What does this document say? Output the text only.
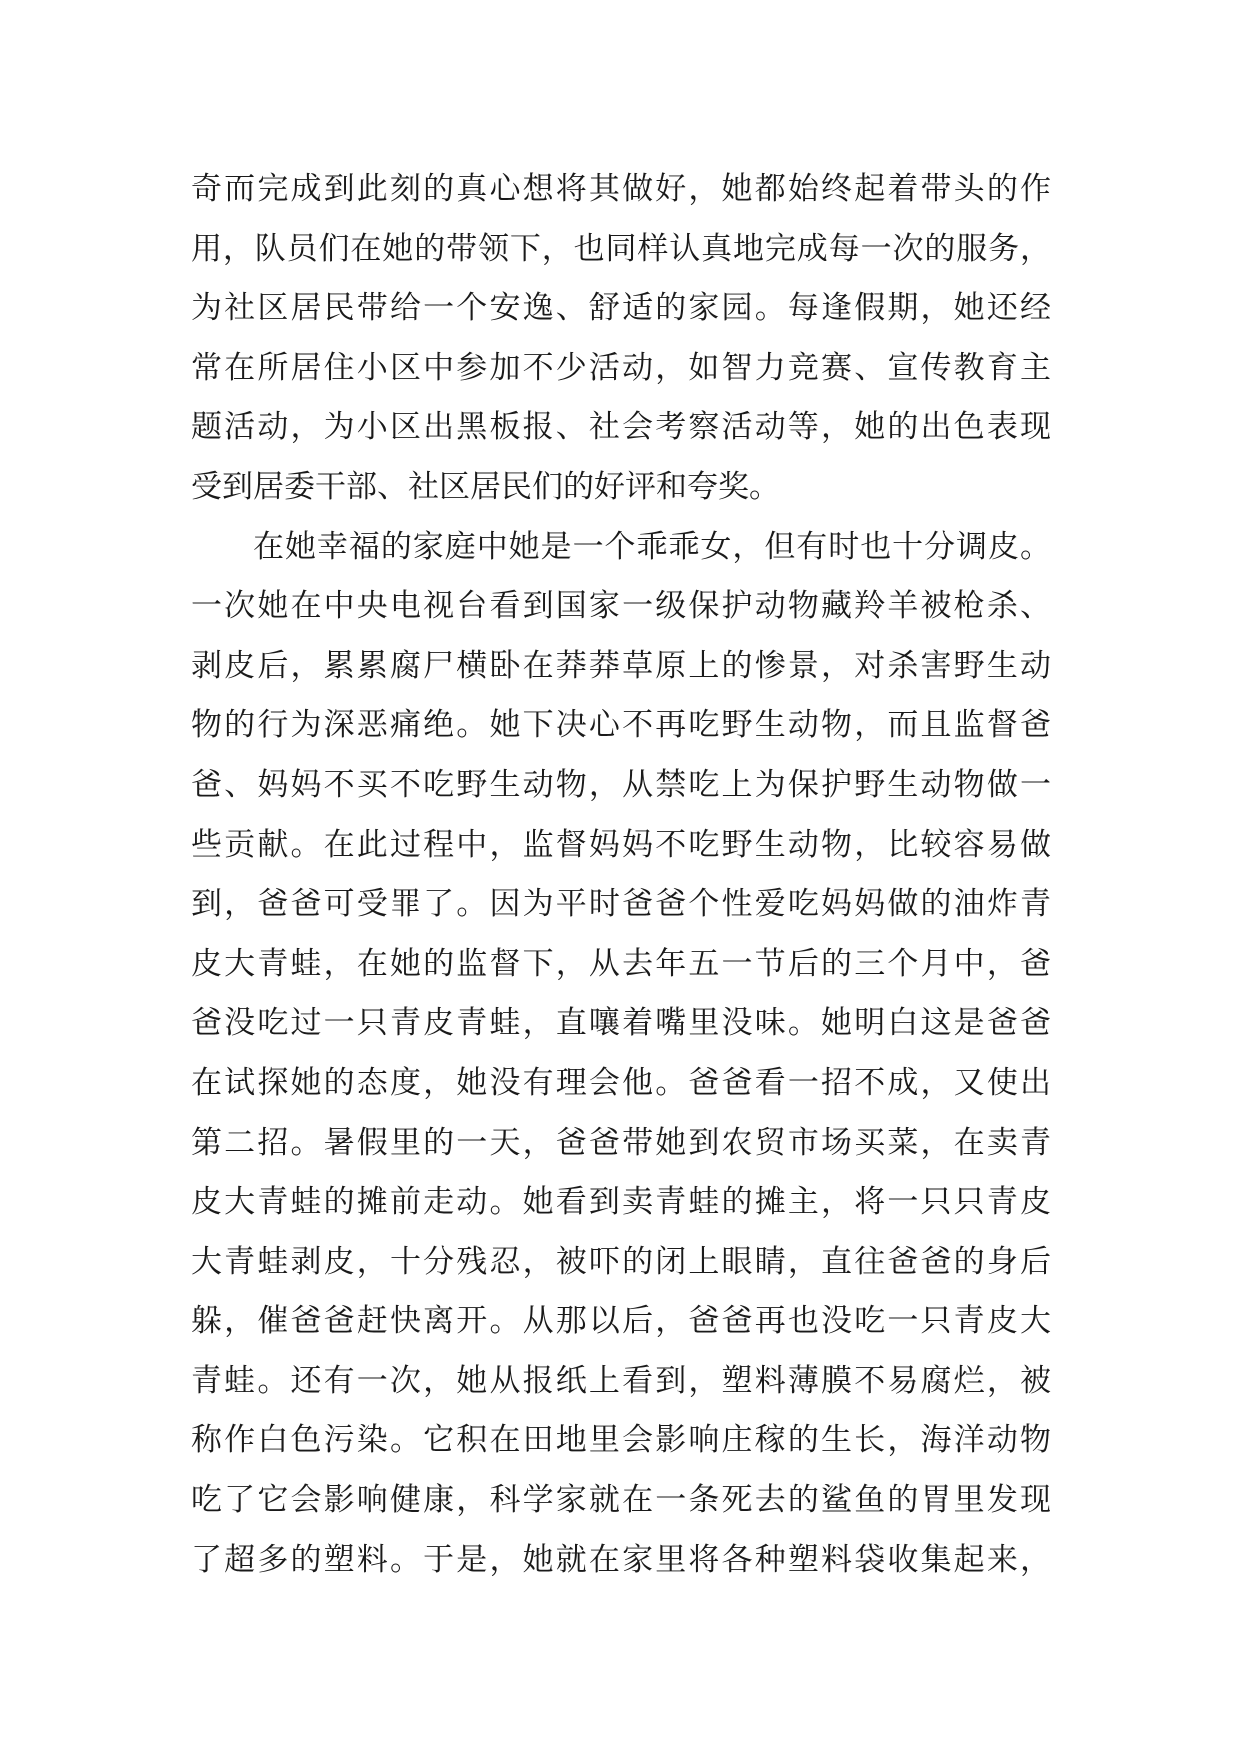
奇而完成到此刻的真心想将其做好，她都始终起着带头的作
用，队员们在她的带领下，也同样认真地完成每一次的服务，
为社区居民带给一个安逸、舒适的家园。每逢假期，她还经
常在所居住小区中参加不少活动，如智力竞赛、宣传教育主
题活动，为小区出黑板报、社会考察活动等，她的出色表现
受到居委干部、社区居民们的好评和夸奖。
在她幸福的家庭中她是一个乖乖女，但有时也十分调皮。
一次她在中央电视台看到国家一级保护动物藏羚羊被枪杀、
剥皮后，累累腐尸横卧在莽莽草原上的惨景，对杀害野生动
物的行为深恶痛绝。她下决心不再吃野生动物，而且监督爸
爸、妈妈不买不吃野生动物，从禁吃上为保护野生动物做一
些贡献。在此过程中，监督妈妈不吃野生动物，比较容易做
到，爸爸可受罪了。因为平时爸爸个性爱吃妈妈做的油炸青
皮大青蛙，在她的监督下，从去年五一节后的三个月中，爸
爸没吃过一只青皮青蛙，直嚷着嘴里没味。她明白这是爸爸
在试探她的态度，她没有理会他。爸爸看一招不成，又使出
第二招。暑假里的一天，爸爸带她到农贸市场买菜，在卖青
皮大青蛙的摊前走动。她看到卖青蛙的摊主，将一只只青皮
大青蛙剥皮，十分残忍，被吓的闭上眼睛，直往爸爸的身后
躲，催爸爸赶快离开。从那以后，爸爸再也没吃一只青皮大
青蛙。还有一次，她从报纸上看到，塑料薄膜不易腐烂，被
称作白色污染。它积在田地里会影响庄稼的生长，海洋动物
吃了它会影响健康，科学家就在一条死去的鲨鱼的胃里发现
了超多的塑料。于是，她就在家里将各种塑料袋收集起来，
